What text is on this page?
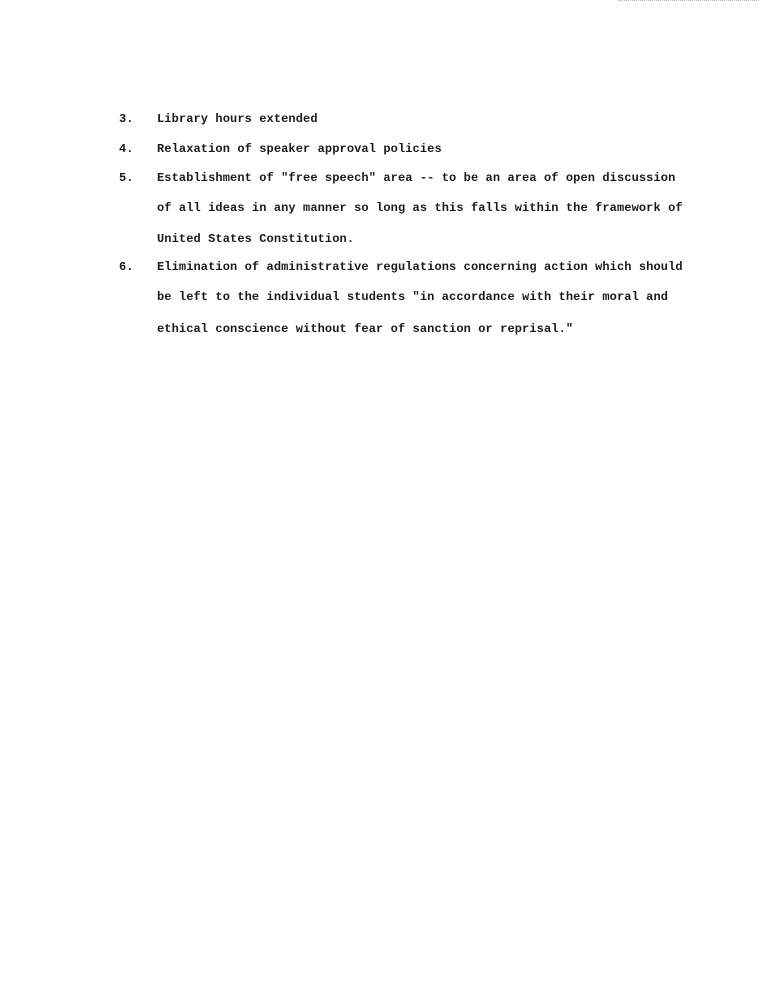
3. Library hours extended
4. Relaxation of speaker approval policies
5. Establishment of "free speech" area -- to be an area of open discussion
of all ideas in any manner so long as this falls within the framework of
United States Constitution.
6. Elimination of administrative regulations concerning action which should
be left to the individual students "in accordance with their moral and
ethical conscience without fear of sanction or reprisal."
